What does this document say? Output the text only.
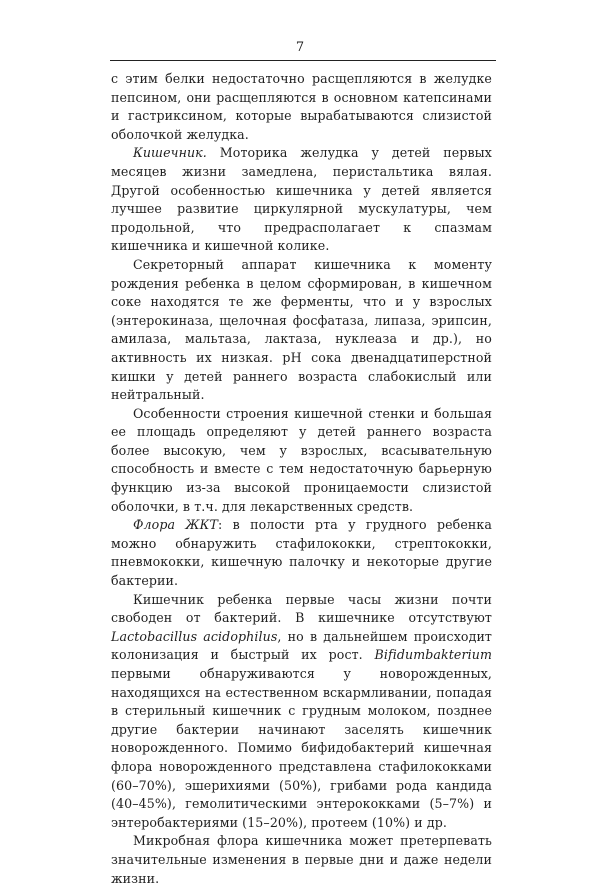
7

с этим белки недостаточно расщепляются в желудке пепсином, они расщепляются в основном катепсинами и гастриксином, которые вырабатываются слизистой оболочкой желудка.

Кишечник. Моторика желудка у детей первых месяцев жизни замедлена, перистальтика вялая. Другой особенностью кишечника у детей является лучшее развитие циркулярной мускулатуры, чем продольной, что предрасполагает к спазмам кишечника и кишечной колике.

Секреторный аппарат кишечника к моменту рождения ребенка в целом сформирован, в кишечном соке находятся те же ферменты, что и у взрослых (энтерокиназа, щелочная фосфатаза, липаза, эрипсин, амилаза, мальтаза, лактаза, нуклеаза и др.), но активность их низкая. pH сока двенадцатиперстной кишки у детей раннего возраста слабокислый или нейтральный.

Особенности строения кишечной стенки и большая ее площадь определяют у детей раннего возраста более высокую, чем у взрослых, всасывательную способность и вместе с тем недостаточную барьерную функцию из-за высокой проницаемости слизистой оболочки, в т.ч. для лекарственных средств.

Флора ЖКТ: в полости рта у грудного ребенка можно обнаружить стафилококки, стрептококки, пневмококки, кишечную палочку и некоторые другие бактерии.

Кишечник ребенка первые часы жизни почти свободен от бактерий. В кишечнике отсутствуют Lactobacillus acidophilus, но в дальнейшем происходит колонизация и быстрый их рост. Bifidumbakterium первыми обнаруживаются у новорожденных, находящихся на естественном вскармливании, попадая в стерильный кишечник с грудным молоком, позднее другие бактерии начинают заселять кишечник новорожденного. Помимо бифидобактерий кишечная флора новорожденного представлена стафилококками (60–70%), эшерихиями (50%), грибами рода кандида (40–45%), гемолитическими энтерококками (5–7%) и энтеробактериями (15–20%), протеем (10%) и др.

Микробная флора кишечника может претерпевать значительные изменения в первые дни и даже недели жизни.
